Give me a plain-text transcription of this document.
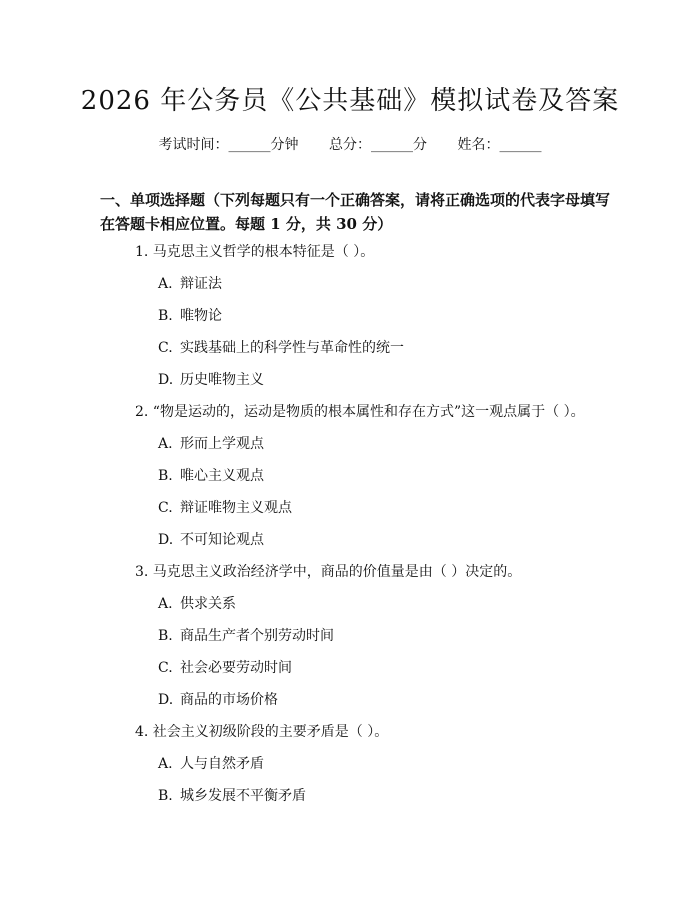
2026 年公务员《公共基础》模拟试卷及答案
考试时间：______分钟 总分：______分 姓名：______
一、单项选择题（下列每题只有一个正确答案，请将正确选项的代表字母填写在答题卡相应位置。每题 1 分，共 30 分）
1. 马克思主义哲学的根本特征是（ ）。
A. 辩证法
B. 唯物论
C. 实践基础上的科学性与革命性的统一
D. 历史唯物主义
2. “物是运动的，运动是物质的根本属性和存在方式”这一观点属于（ ）。
A. 形而上学观点
B. 唯心主义观点
C. 辩证唯物主义观点
D. 不可知论观点
3. 马克思主义政治经济学中，商品的价值量是由（ ）决定的。
A. 供求关系
B. 商品生产者个别劳动时间
C. 社会必要劳动时间
D. 商品的市场价格
4. 社会主义初级阶段的主要矛盾是（ ）。
A. 人与自然矛盾
B. 城乡发展不平衡矛盾
